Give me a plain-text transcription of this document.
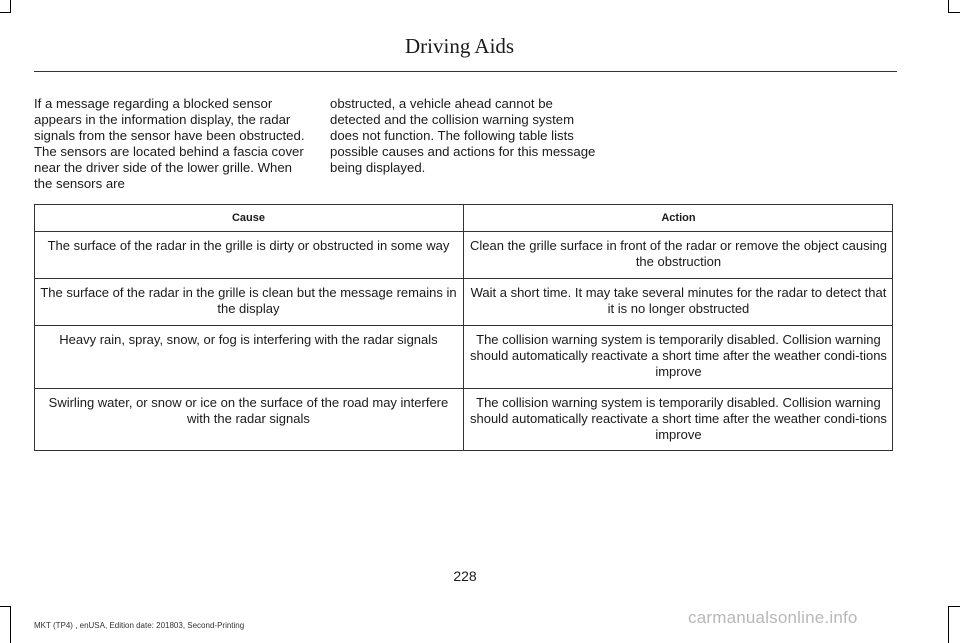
Driving Aids
If a message regarding a blocked sensor appears in the information display, the radar signals from the sensor have been obstructed. The sensors are located behind a fascia cover near the driver side of the lower grille. When the sensors are
obstructed, a vehicle ahead cannot be detected and the collision warning system does not function. The following table lists possible causes and actions for this message being displayed.
Cause	Action
The surface of the radar in the grille is dirty or obstructed in some way	Clean the grille surface in front of the radar or remove the object causing the obstruction
The surface of the radar in the grille is clean but the message remains in the display	Wait a short time. It may take several minutes for the radar to detect that it is no longer obstructed
Heavy rain, spray, snow, or fog is interfering with the radar signals	The collision warning system is temporarily disabled. Collision warning should automatically reactivate a short time after the weather condi-tions improve
Swirling water, or snow or ice on the surface of the road may interfere with the radar signals	The collision warning system is temporarily disabled. Collision warning should automatically reactivate a short time after the weather condi-tions improve
228
MKT (TP4) , enUSA, Edition date: 201803, Second-Printing	carmanualsonline.info
